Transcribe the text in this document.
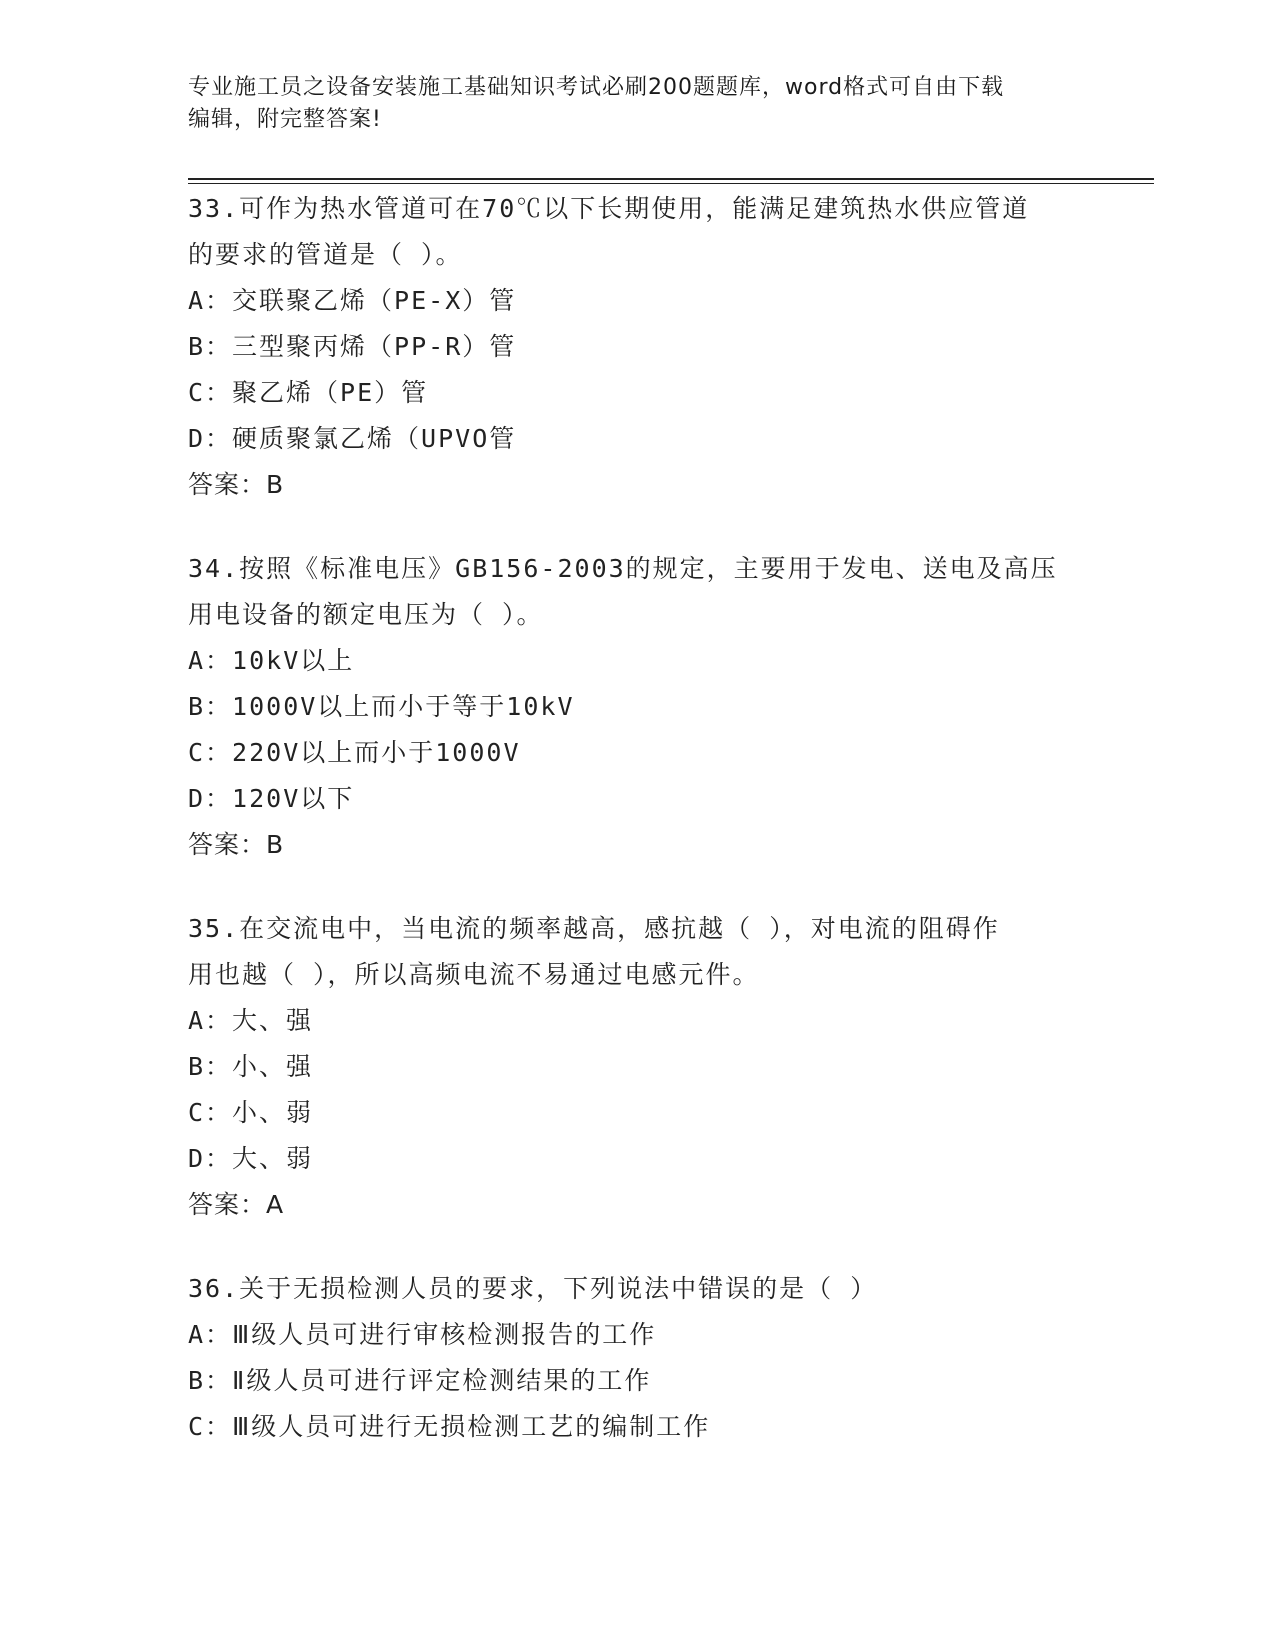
专业施工员之设备安装施工基础知识考试必刷200题题库，word格式可自由下载

编辑，附完整答案!

33.可作为热水管道可在70℃以下长期使用，能满足建筑热水供应管道

的要求的管道是（ ）。

A：交联聚乙烯（PE-X）管

B：三型聚丙烯（PP-R）管

C：聚乙烯（PE）管

D：硬质聚氯乙烯（UPVO管

答案：B

34.按照《标准电压》GB156-2003的规定，主要用于发电、送电及高压

用电设备的额定电压为（ ）。

A：10kV以上

B：1000V以上而小于等于10kV

C：220V以上而小于1000V

D：120V以下

答案：B

35.在交流电中，当电流的频率越高，感抗越（ ），对电流的阻碍作

用也越（ ），所以高频电流不易通过电感元件。

A：大、强

B：小、强

C：小、弱

D：大、弱

答案：A

36.关于无损检测人员的要求，下列说法中错误的是（ ）

A：Ⅲ级人员可进行审核检测报告的工作

B：Ⅱ级人员可进行评定检测结果的工作

C：Ⅲ级人员可进行无损检测工艺的编制工作
